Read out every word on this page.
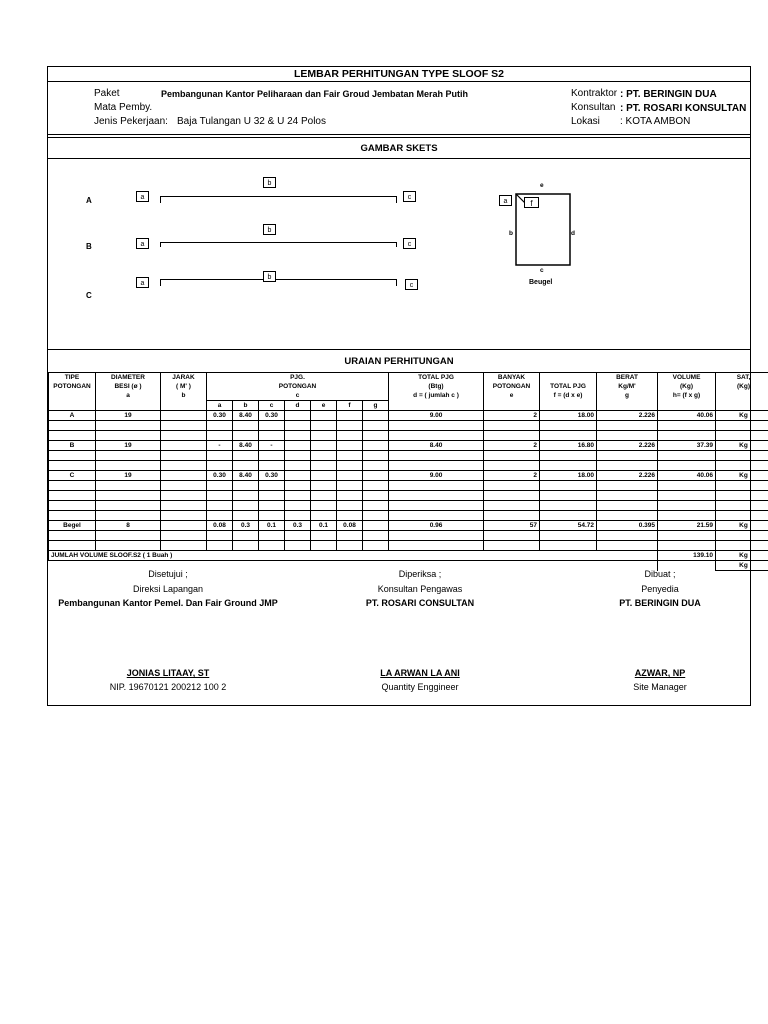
LEMBAR PERHITUNGAN TYPE SLOOF S2
Paket	Pembangunan Kantor Peliharaan dan Fair Groud Jembatan Merah Putih
Mata Pemby.
Jenis Pekerjaan: Baja Tulangan U 32 & U 24 Polos
Kontraktor : PT. BERINGIN DUA
Konsultan : PT. ROSARI KONSULTAN
Lokasi : KOTA AMBON
GAMBAR SKETS
A
B
C
a
b
c
a
b
c
a
b
c
e
a	f
b	d
c
Beugel
URAIAN PERHITUNGAN
TIPE	DIAMETER	JARAK	PJG.							TOTAL PJG	BANYAK		BERAT	VOLUME	SAT,
POTONGAN	BESI (ø )	( M' )	POTONGAN							(Btg)	POTONGAN	TOTAL PJG	Kg/M'	(Kg)	(Kg)
	a	b	c							d = ( jumlah c )	e	f = (d x e)	g	h= (f x g)	
			a	b	c	d	e	f	g						
A	19		0.30	8.40	0.30					9.00	2	18.00	2.226	40.06	Kg

B	19		-	8.40	-					8.40	2	16.80	2.226	37.39	Kg

C	19		0.30	8.40	0.30					9.00	2	18.00	2.226	40.06	Kg

Begel	8		0.08	0.3	0.1	0.3	0.1	0.08		0.96	57	54.72	0.395	21.59	Kg

JUMLAH VOLUME SLOOF.S2 ( 1 Buah )														139.10	Kg
															Kg
Disetujui ;
Direksi Lapangan
Pembangunan Kantor Pemel. Dan Fair Ground JMP
JONIAS LITAAY, ST
NIP. 19670121 200212 100 2
Diperiksa ;
Konsultan Pengawas
PT. ROSARI CONSULTAN
LA ARWAN LA ANI
Quantity Enggineer
Dibuat ;
Penyedia
PT. BERINGIN DUA
AZWAR, NP
Site Manager
